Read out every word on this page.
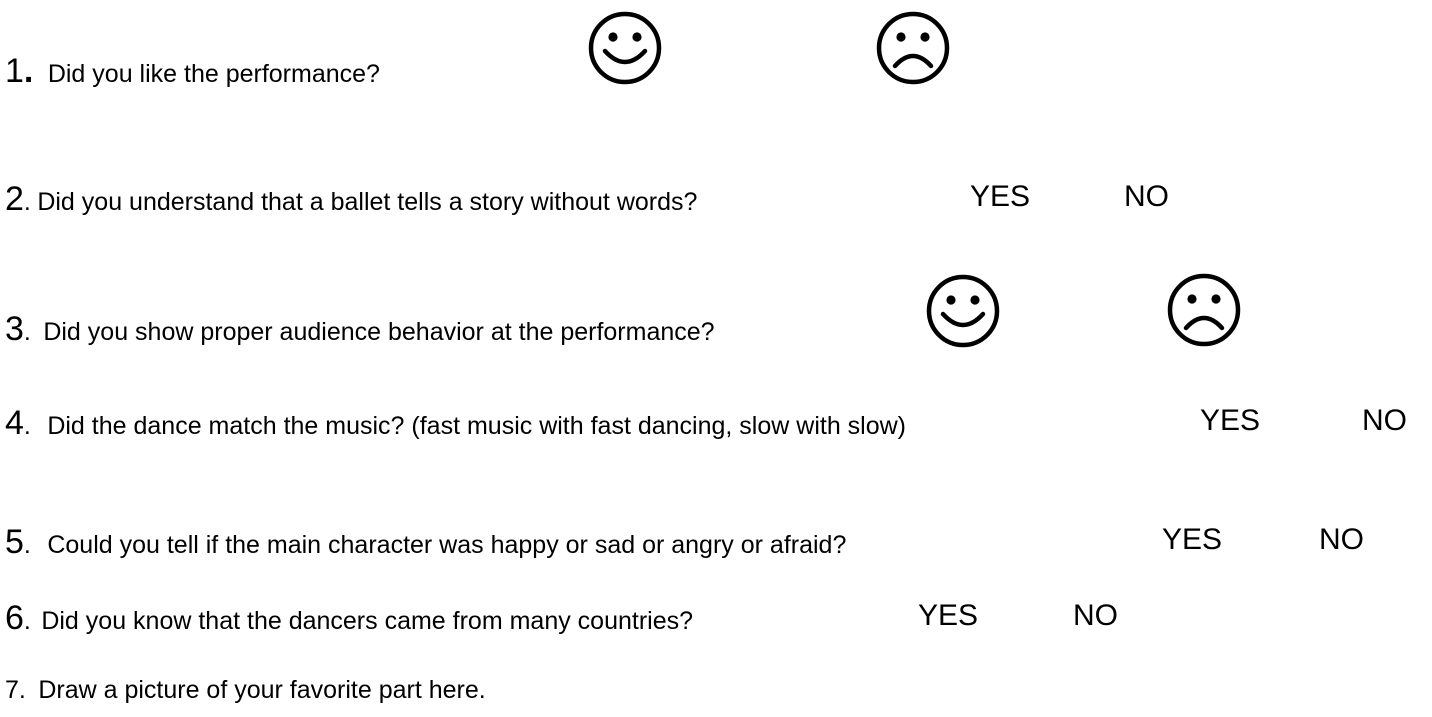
1. Did you like the performance?
2. Did you understand that a ballet tells a story without words?	YES	NO
3. Did you show proper audience behavior at the performance?
4. Did the dance match the music? (fast music with fast dancing, slow with slow)	YES	NO
5. Could you tell if the main character was happy or sad or angry or afraid?	YES	NO
6. Did you know that the dancers came from many countries?	YES	NO
7. Draw a picture of your favorite part here.
